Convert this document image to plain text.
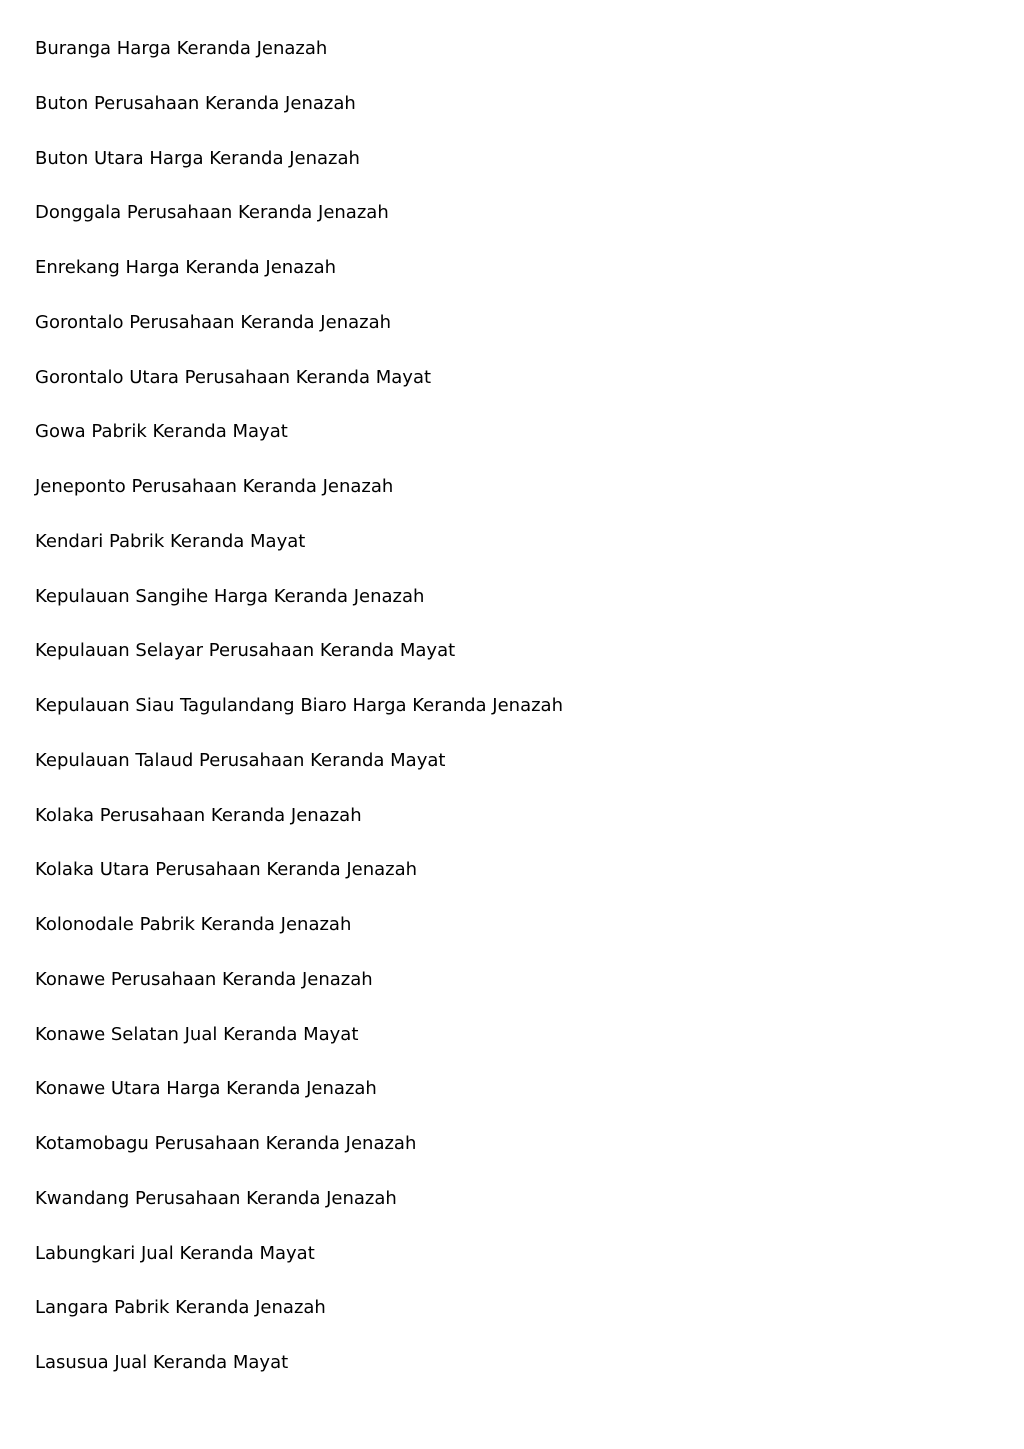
Buranga Harga Keranda Jenazah
Buton Perusahaan Keranda Jenazah
Buton Utara Harga Keranda Jenazah
Donggala Perusahaan Keranda Jenazah
Enrekang Harga Keranda Jenazah
Gorontalo Perusahaan Keranda Jenazah
Gorontalo Utara Perusahaan Keranda Mayat
Gowa Pabrik Keranda Mayat
Jeneponto Perusahaan Keranda Jenazah
Kendari Pabrik Keranda Mayat
Kepulauan Sangihe Harga Keranda Jenazah
Kepulauan Selayar Perusahaan Keranda Mayat
Kepulauan Siau Tagulandang Biaro Harga Keranda Jenazah
Kepulauan Talaud Perusahaan Keranda Mayat
Kolaka Perusahaan Keranda Jenazah
Kolaka Utara Perusahaan Keranda Jenazah
Kolonodale Pabrik Keranda Jenazah
Konawe Perusahaan Keranda Jenazah
Konawe Selatan Jual Keranda Mayat
Konawe Utara Harga Keranda Jenazah
Kotamobagu Perusahaan Keranda Jenazah
Kwandang Perusahaan Keranda Jenazah
Labungkari Jual Keranda Mayat
Langara Pabrik Keranda Jenazah
Lasusua Jual Keranda Mayat
